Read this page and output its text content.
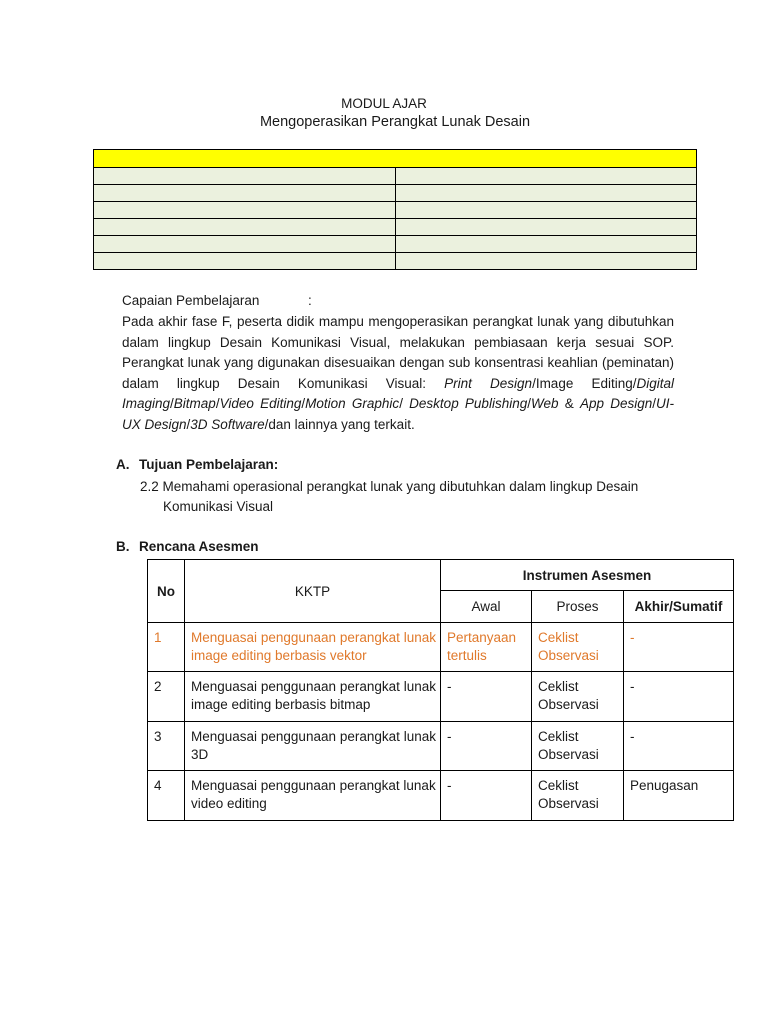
MODUL AJAR
Mengoperasikan Perangkat Lunak Desain

Capaian Pembelajaran	:
Pada akhir fase F, peserta didik mampu mengoperasikan perangkat lunak yang dibutuhkan dalam lingkup Desain Komunikasi Visual, melakukan pembiasaan kerja sesuai SOP. Perangkat lunak yang digunakan disesuaikan dengan sub konsentrasi keahlian (peminatan) dalam lingkup Desain Komunikasi Visual: Print Design/Image Editing/Digital Imaging/Bitmap/Video Editing/Motion Graphic/ Desktop Publishing/Web & App Design/UI-UX Design/3D Software/dan lainnya yang terkait.
A. Tujuan Pembelajaran:
2.2 Memahami operasional perangkat lunak yang dibutuhkan dalam lingkup Desain
Komunikasi Visual
B. Rencana Asesmen
No	KKTP	Instrumen Asesmen		
		Awal	Proses	Akhir/Sumatif
1	Menguasai penggunaan perangkat lunak image editing berbasis vektor	Pertanyaan tertulis	Ceklist Observasi	-
2	Menguasai penggunaan perangkat lunak image editing berbasis bitmap	-	Ceklist Observasi	-
3	Menguasai penggunaan perangkat lunak 3D	-	Ceklist Observasi	-
4	Menguasai penggunaan perangkat lunak video editing	-	Ceklist Observasi	Penugasan
